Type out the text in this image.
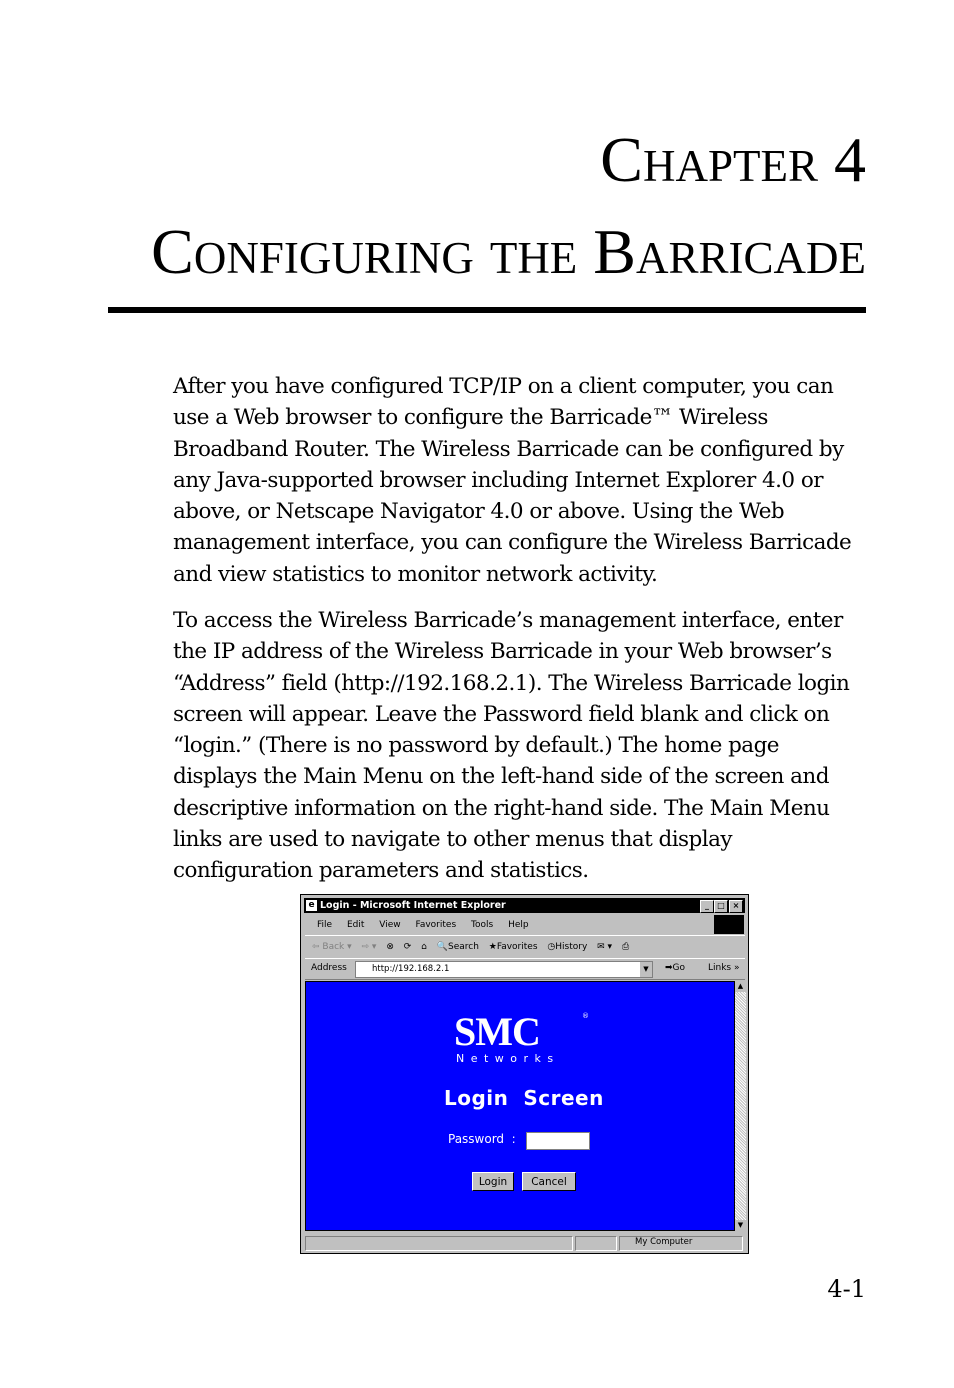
Chapter 4
Configuring the Barricade

After you have configured TCP/IP on a client computer, you can use a Web browser to configure the Barricade™ Wireless Broadband Router. The Wireless Barricade can be configured by any Java-supported browser including Internet Explorer 4.0 or above, or Netscape Navigator 4.0 or above. Using the Web management interface, you can configure the Wireless Barricade and view statistics to monitor network activity.

To access the Wireless Barricade’s management interface, enter the IP address of the Wireless Barricade in your Web browser’s “Address” field (http://192.168.2.1). The Wireless Barricade login screen will appear. Leave the Password field blank and click on “login.” (There is no password by default.) The home page displays the Main Menu on the left-hand side of the screen and descriptive information on the right-hand side. The Main Menu links are used to navigate to other menus that display configuration parameters and statistics.

e Login - Microsoft Internet Explorer	_	□ ×
File Edit View Favorites Tools Help
⇦ Back ▾ ⇨ ▾ ⊗ ⟳ ⌂ 🔍Search ★Favorites ◷History ✉ ▾ ⎙
Address	http://192.168.2.1	▼	➡Go	Links »
SMC	®
Networks
Login  Screen
Password  :
Login	Cancel
▲
▼
My Computer
4-1
